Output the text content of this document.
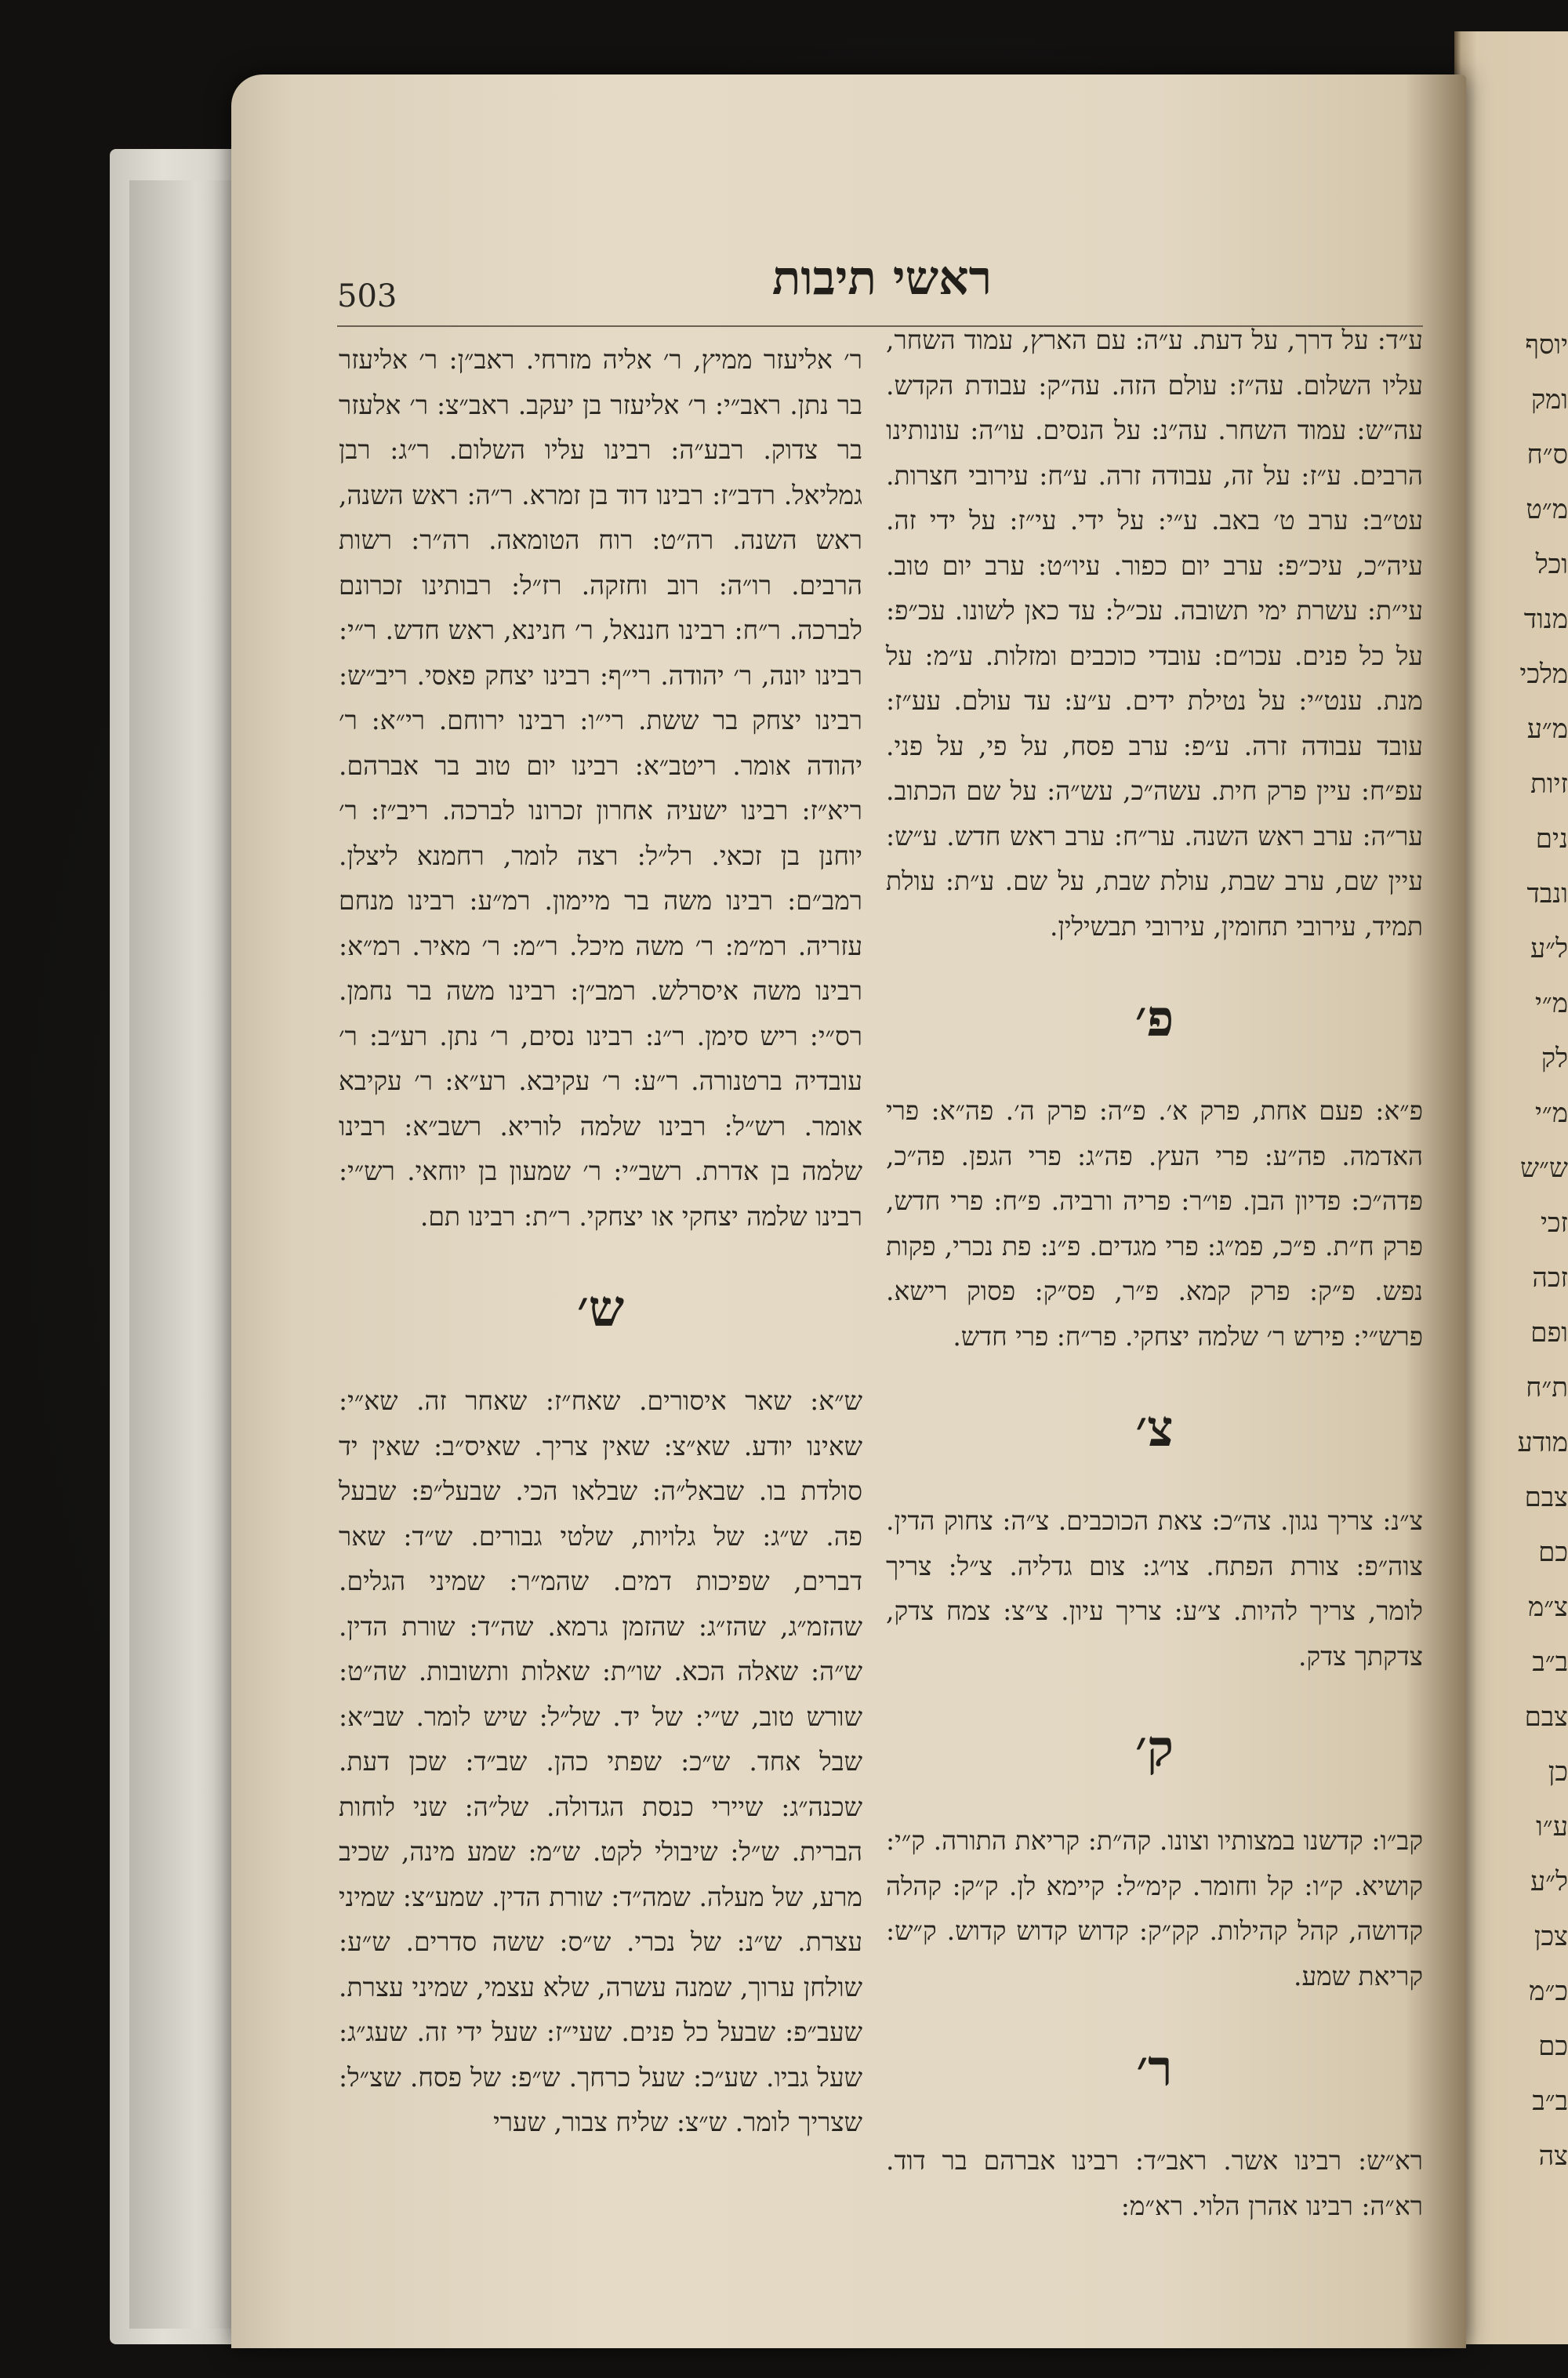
יוסף
ומק
ס״ח
מ״ט
וכל
מנוד
מלכי
מ״ע
זיות
נים
ונבד
ל״ע
מ״י
לק
מ״י
ש״ש
זכי
זכה
ופם
ת״ח
מודע
צבם
כם
צ״מ
ב״ב
צבם
כן
ע״ו
ל״ע
צכן
כ״מ
כם
ב״ב
צה
503	ראשי תיבות
ע״ד: על דרך, על דעת. ע״ה: עם הארץ, עמוד השחר, עליו השלום. עה״ז: עולם הזה. עה״ק: עבודת הקדש. עה״ש: עמוד השחר. עה״נ: על הנסים. עו״ה: עונותינו הרבים. ע״ז: על זה, עבודה זרה. ע״ח: עירובי חצרות. עט״ב: ערב ט׳ באב. ע״י: על ידי. עי״ז: על ידי זה. עיה״כ, עיכ״פ: ערב יום כפור. עיו״ט: ערב יום טוב. עי״ת: עשרת ימי תשובה. עכ״ל: עד כאן לשונו. עכ״פ: על כל פנים. עכו״ם: עובדי כוכבים ומזלות. ע״מ: על מנת. ענט״י: על נטילת ידים. ע״ע: עד עולם. עע״ז: עובד עבודה זרה. ע״פ: ערב פסח, על פי, על פני. עפ״ח: עיין פרק חית. עשה״כ, עש״ה: על שם הכתוב. ער״ה: ערב ראש השנה. ער״ח: ערב ראש חדש. ע״ש: עיין שם, ערב שבת, עולת שבת, על שם. ע״ת: עולת תמיד, עירובי תחומין, עירובי תבשילין.
פ׳
פ״א: פעם אחת, פרק א׳. פ״ה: פרק ה׳. פה״א: פרי האדמה. פה״ע: פרי העץ. פה״ג: פרי הגפן. פה״כ, פדה״כ: פדיון הבן. פו״ר: פריה ורביה. פ״ח: פרי חדש, פרק ח״ת. פ״כ, פמ״ג: פרי מגדים. פ״נ: פת נכרי, פקות נפש. פ״ק: פרק קמא. פ״ר, פס״ק: פסוק רישא. פרש״י: פירש ר׳ שלמה יצחקי. פר״ח: פרי חדש.
צ׳
צ״נ: צריך נגון. צה״כ: צאת הכוכבים. צ״ה: צחוק הדין. צוה״פ: צורת הפתח. צו״ג: צום גדליה. צ״ל: צריך לומר, צריך להיות. צ״ע: צריך עיון. צ״צ: צמח צדק, צדקתך צדק.
ק׳
קב״ו: קדשנו במצותיו וצונו. קה״ת: קריאת התורה. ק״י: קושיא. ק״ו: קל וחומר. קימ״ל: קיימא לן. ק״ק: קהלה קדושה, קהל קהילות. קק״ק: קדוש קדוש קדוש. ק״ש: קריאת שמע.
ר׳
רא״ש: רבינו אשר. ראב״ד: רבינו אברהם בר דוד. רא״ה: רבינו אהרן הלוי. רא״מ:
ר׳ אליעזר ממיץ, ר׳ אליה מזרחי. ראב״ן: ר׳ אליעזר בר נתן. ראב״י: ר׳ אליעזר בן יעקב. ראב״צ: ר׳ אלעזר בר צדוק. רבע״ה: רבינו עליו השלום. ר״ג: רבן גמליאל. רדב״ז: רבינו דוד בן זמרא. ר״ה: ראש השנה, ראש השנה. רה״ט: רוח הטומאה. רה״ר: רשות הרבים. רו״ה: רוב וחזקה. רז״ל: רבותינו זכרונם לברכה. ר״ח: רבינו חננאל, ר׳ חנינא, ראש חדש. ר״י: רבינו יונה, ר׳ יהודה. רי״ף: רבינו יצחק פאסי. ריב״ש: רבינו יצחק בר ששת. רי״ו: רבינו ירוחם. רי״א: ר׳ יהודה אומר. ריטב״א: רבינו יום טוב בר אברהם. ריא״ז: רבינו ישעיה אחרון זכרונו לברכה. ריב״ז: ר׳ יוחנן בן זכאי. רל״ל: רצה לומר, רחמנא ליצלן. רמב״ם: רבינו משה בר מיימון. רמ״ע: רבינו מנחם עזריה. רמ״מ: ר׳ משה מיכל. ר״מ: ר׳ מאיר. רמ״א: רבינו משה איסרלש. רמב״ן: רבינו משה בר נחמן. רס״י: ריש סימן. ר״נ: רבינו נסים, ר׳ נתן. רע״ב: ר׳ עובדיה ברטנורה. ר״ע: ר׳ עקיבא. רע״א: ר׳ עקיבא אומר. רש״ל: רבינו שלמה לוריא. רשב״א: רבינו שלמה בן אדרת. רשב״י: ר׳ שמעון בן יוחאי. רש״י: רבינו שלמה יצחקי או יצחקי. ר״ת: רבינו תם.
ש׳
ש״א: שאר איסורים. שאח״ז: שאחר זה. שא״י: שאינו יודע. שא״צ: שאין צריך. שאיס״ב: שאין יד סולדת בו. שבאל״ה: שבלאו הכי. שבעל״פ: שבעל פה. ש״ג: של גלויות, שלטי גבורים. ש״ד: שאר דברים, שפיכות דמים. שהמ״ר: שמיני הגלים. שהזמ״ג, שהז״ג: שהזמן גרמא. שה״ד: שורת הדין. ש״ה: שאלה הכא. שו״ת: שאלות ותשובות. שה״ט: שורש טוב, ש״י: של יד. של״ל: שיש לומר. שב״א: שבל אחד. ש״כ: שפתי כהן. שב״ד: שכן דעת. שכנה״ג: שיירי כנסת הגדולה. של״ה: שני לוחות הברית. ש״ל: שיבולי לקט. ש״מ: שמע מינה, שכיב מרע, של מעלה. שמה״ד: שורת הדין. שמע״צ: שמיני עצרת. ש״נ: של נכרי. ש״ס: ששה סדרים. ש״ע: שולחן ערוך, שמנה עשרה, שלא עצמי, שמיני עצרת. שעב״פ: שבעל כל פנים. שעי״ז: שעל ידי זה. שעג״ג: שעל גביו. שע״כ: שעל כרחך. ש״פ: של פסח. שצ״ל: שצריך לומר. ש״צ: שליח צבור, שערי
